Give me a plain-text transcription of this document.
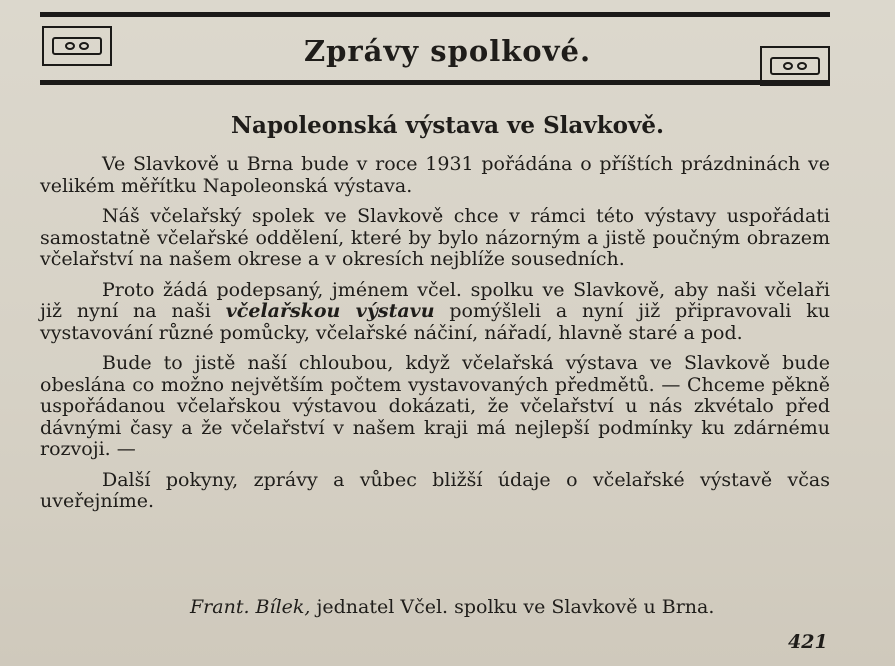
Zprávy spolkové.
Napoleonská výstava ve Slavkově.

Ve Slavkově u Brna bude v roce 1931 pořádána o příštích prázdninách ve velikém měřítku Napoleonská výstava.

Náš včelařský spolek ve Slavkově chce v rámci této výstavy uspořádati samostatně včelařské oddělení, které by bylo názorným a jistě poučným obrazem včelařství na našem okrese a v okresích nejblíže sousedních.

Proto žádá podepsaný, jménem včel. spolku ve Slavkově, aby naši včelaři již nyní na naši včelařskou výstavu pomýšleli a nyní již připravovali ku vystavování různé pomůcky, včelařské náčiní, nářadí, hlavně staré a pod.

Bude to jistě naší chloubou, když včelařská výstava ve Slavkově bude obeslána co možno největším počtem vystavovaných předmětů. — Chceme pěkně uspořádanou včelařskou výstavou dokázati, že včelařství u nás zkvétalo před dávnými časy a že včelařství v našem kraji má nejlepší podmínky ku zdárnému rozvoji. —

Další pokyny, zprávy a vůbec bližší údaje o včelařské výstavě včas uveřejníme.

Frant. Bílek, jednatel Včel. spolku ve Slavkově u Brna.
421
